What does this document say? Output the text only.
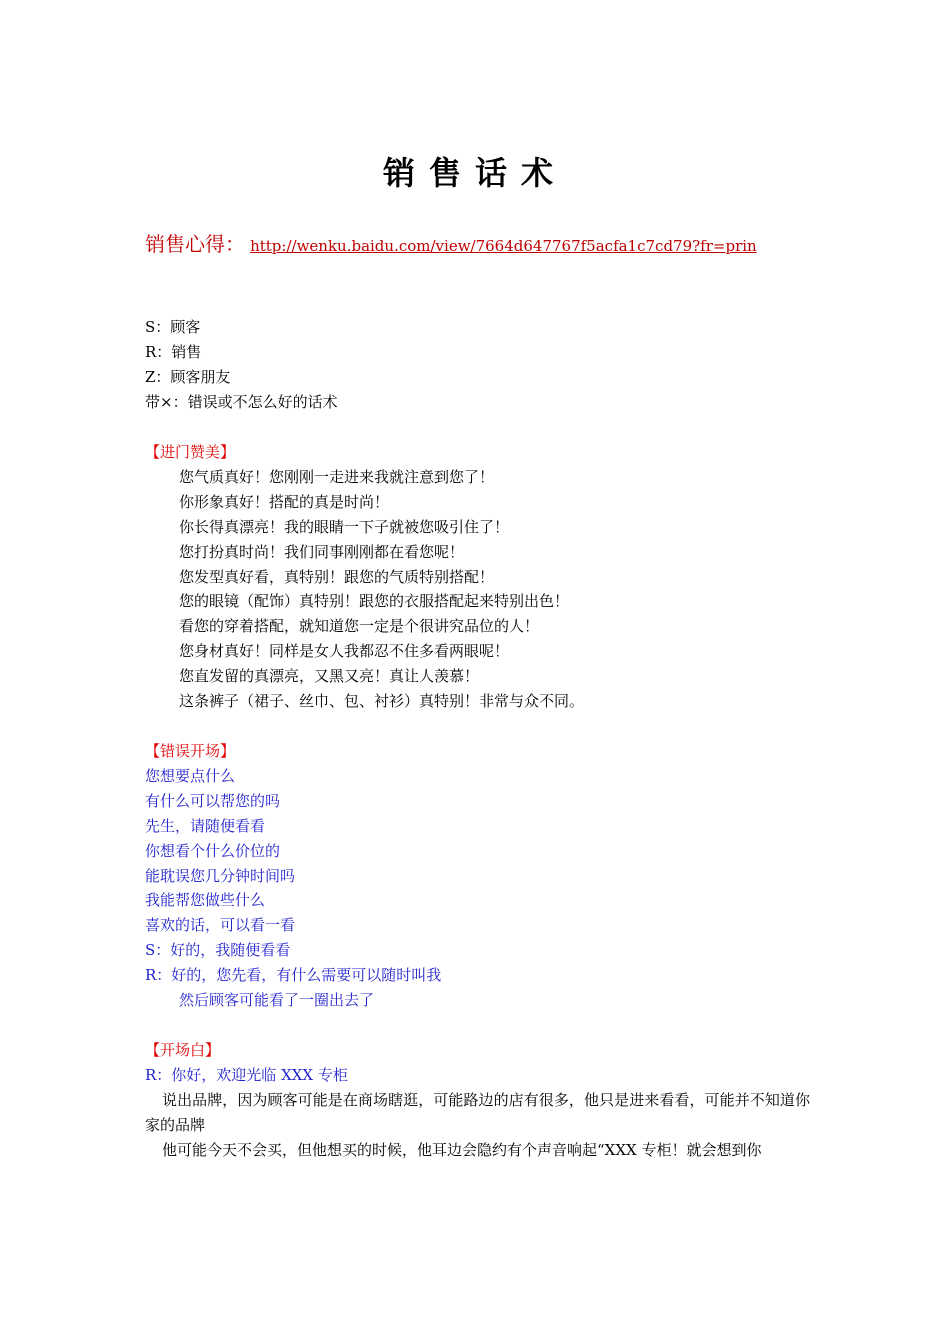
销售话术
销售心得： http://wenku.baidu.com/view/7664d647767f5acfa1c7cd79?fr=prin
S：顾客
R：销售
Z：顾客朋友
带×：错误或不怎么好的话术
【进门赞美】
您气质真好！您刚刚一走进来我就注意到您了！
你形象真好！搭配的真是时尚！
你长得真漂亮！我的眼睛一下子就被您吸引住了！
您打扮真时尚！我们同事刚刚都在看您呢！
您发型真好看，真特别！跟您的气质特别搭配！
您的眼镜（配饰）真特别！跟您的衣服搭配起来特别出色！
看您的穿着搭配，就知道您一定是个很讲究品位的人！
您身材真好！同样是女人我都忍不住多看两眼呢！
您直发留的真漂亮，又黑又亮！真让人羡慕！
这条裤子（裙子、丝巾、包、衬衫）真特别！非常与众不同。
【错误开场】
您想要点什么
有什么可以帮您的吗
先生，请随便看看
你想看个什么价位的
能耽误您几分钟时间吗
我能帮您做些什么
喜欢的话，可以看一看
S：好的，我随便看看
R：好的，您先看，有什么需要可以随时叫我
然后顾客可能看了一圈出去了
【开场白】
R：你好，欢迎光临 XXX 专柜
说出品牌，因为顾客可能是在商场瞎逛，可能路边的店有很多，他只是进来看看，可能并不知道你家的品牌
他可能今天不会买，但他想买的时候，他耳边会隐约有个声音响起“XXX 专柜！就会想到你
